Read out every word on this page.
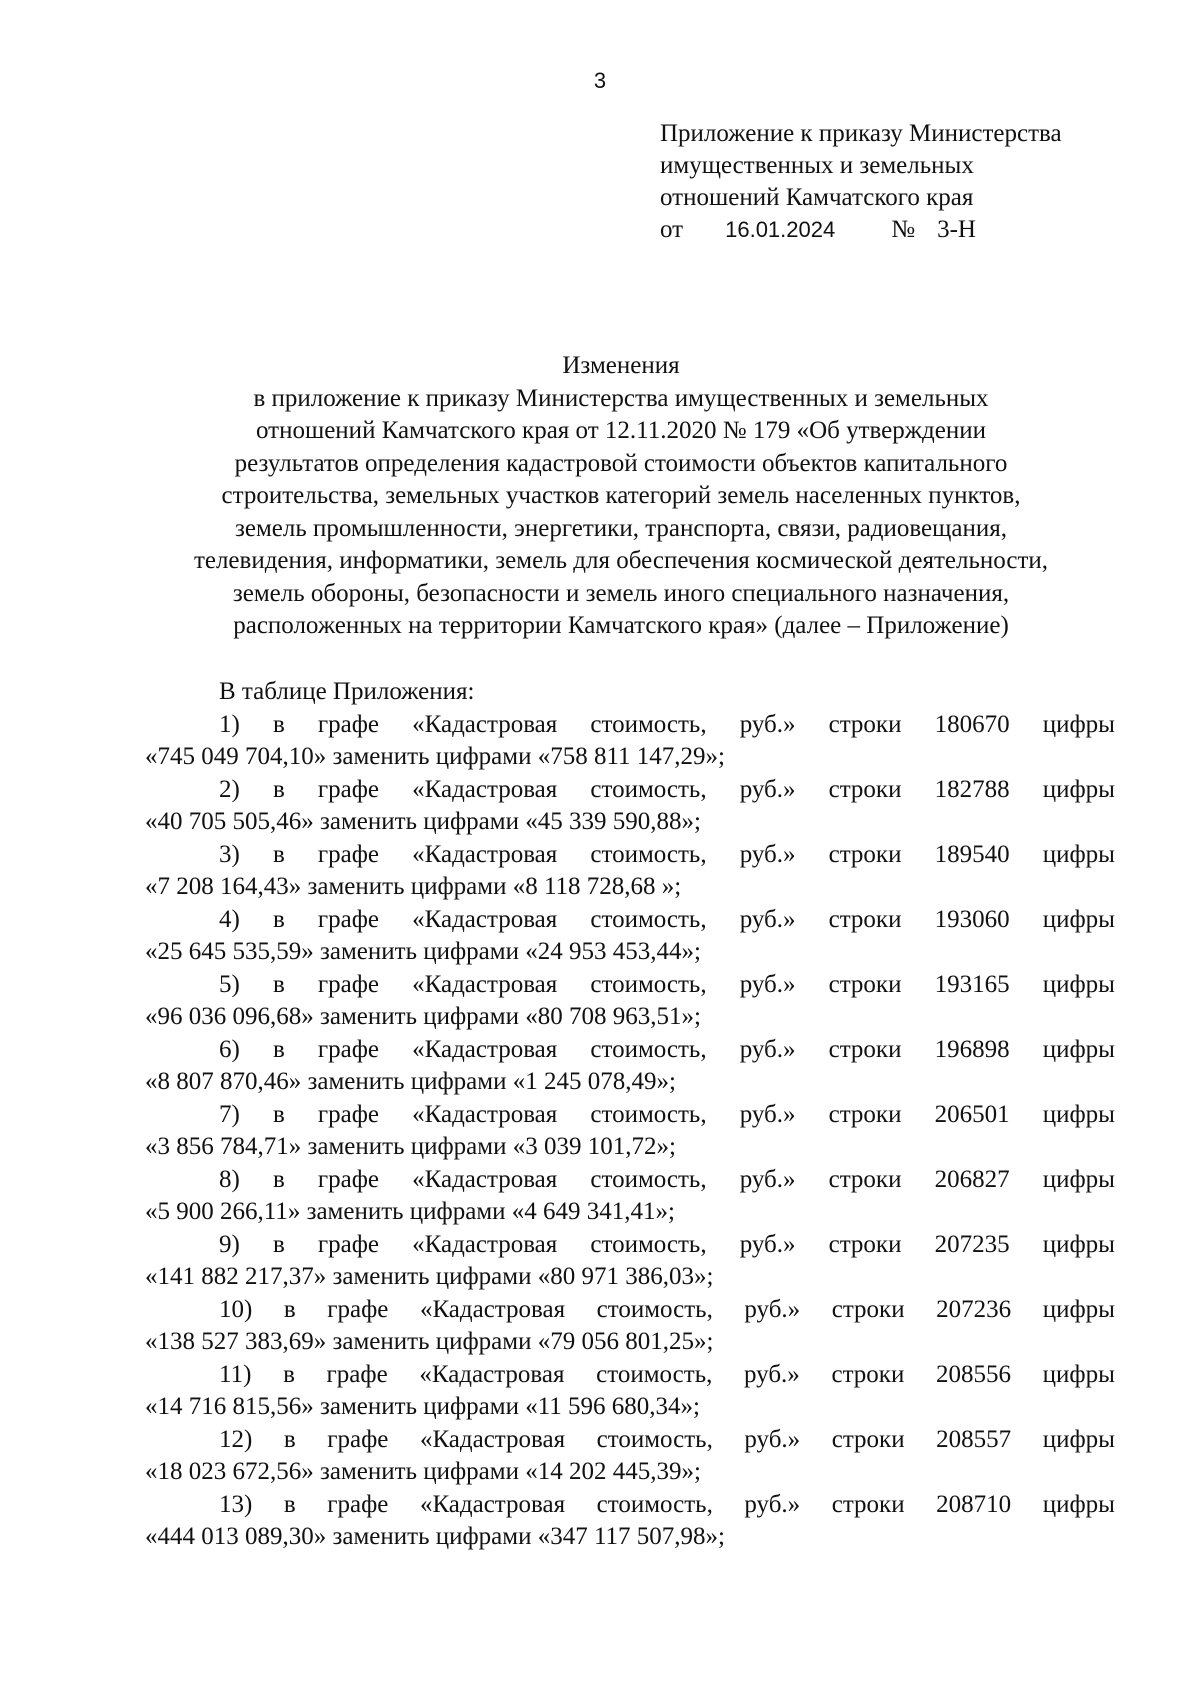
3
Приложение к приказу Министерства
имущественных и земельных
отношений Камчатского края
от 16.01.2024 № 3-Н
Изменения
в приложение к приказу Министерства имущественных и земельных
отношений Камчатского края от 12.11.2020 № 179 «Об утверждении
результатов определения кадастровой стоимости объектов капитального
строительства, земельных участков категорий земель населенных пунктов,
земель промышленности, энергетики, транспорта, связи, радиовещания,
телевидения, информатики, земель для обеспечения космической деятельности,
земель обороны, безопасности и земель иного специального назначения,
расположенных на территории Камчатского края» (далее – Приложение)
В таблице Приложения:
1) в графе «Кадастровая стоимость, руб.» строки 180670 цифры
«745 049 704,10» заменить цифрами «758 811 147,29»;
2) в графе «Кадастровая стоимость, руб.» строки 182788 цифры
«40 705 505,46» заменить цифрами «45 339 590,88»;
3) в графе «Кадастровая стоимость, руб.» строки 189540 цифры
«7 208 164,43» заменить цифрами «8 118 728,68 »;
4) в графе «Кадастровая стоимость, руб.» строки 193060 цифры
«25 645 535,59» заменить цифрами «24 953 453,44»;
5) в графе «Кадастровая стоимость, руб.» строки 193165 цифры
«96 036 096,68» заменить цифрами «80 708 963,51»;
6) в графе «Кадастровая стоимость, руб.» строки 196898 цифры
«8 807 870,46» заменить цифрами «1 245 078,49»;
7) в графе «Кадастровая стоимость, руб.» строки 206501 цифры
«3 856 784,71» заменить цифрами «3 039 101,72»;
8) в графе «Кадастровая стоимость, руб.» строки 206827 цифры
«5 900 266,11» заменить цифрами «4 649 341,41»;
9) в графе «Кадастровая стоимость, руб.» строки 207235 цифры
«141 882 217,37» заменить цифрами «80 971 386,03»;
10) в графе «Кадастровая стоимость, руб.» строки 207236 цифры
«138 527 383,69» заменить цифрами «79 056 801,25»;
11) в графе «Кадастровая стоимость, руб.» строки 208556 цифры
«14 716 815,56» заменить цифрами «11 596 680,34»;
12) в графе «Кадастровая стоимость, руб.» строки 208557 цифры
«18 023 672,56» заменить цифрами «14 202 445,39»;
13) в графе «Кадастровая стоимость, руб.» строки 208710 цифры
«444 013 089,30» заменить цифрами «347 117 507,98»;
